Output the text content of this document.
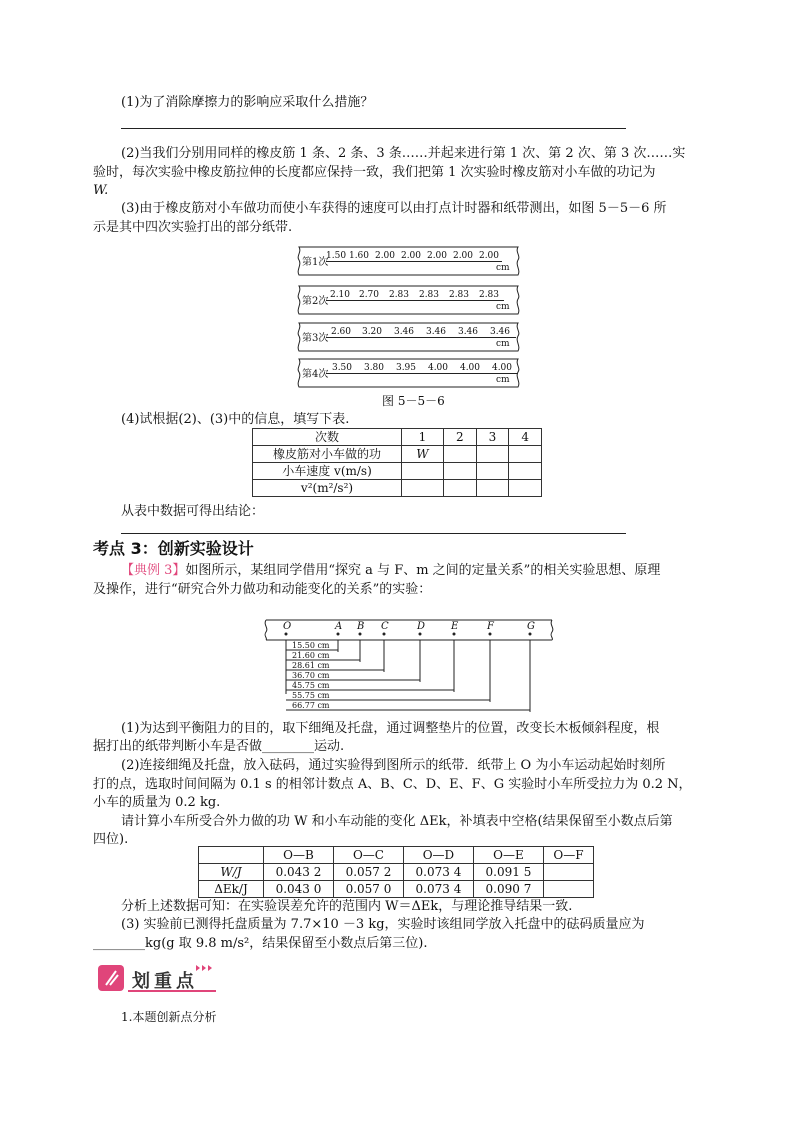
(1)为了消除摩擦力的影响应采取什么措施？
(2)当我们分别用同样的橡皮筋 1 条、2 条、3 条……并起来进行第 1 次、第 2 次、第 3 次……实
验时，每次实验中橡皮筋拉伸的长度都应保持一致，我们把第 1 次实验时橡皮筋对小车做的功记为
W.
(3)由于橡皮筋对小车做功而使小车获得的速度可以由打点计时器和纸带测出，如图 5－5－6 所
示是其中四次实验打出的部分纸带.
第1次
1.50 1.60 2.00 2.00 2.00 2.00 2.00
cm
第2次
2.10 2.70	2.83	2.83	2.83	2.83
cm
第3次
2.60	3.20	3.46	3.46	3.46	3.46
cm
第4次
3.50	3.80	3.95	4.00	4.00	4.00
cm
图 5－5－6
(4)试根据(2)、(3)中的信息，填写下表.
次数	1	2	3	4
橡皮筋对小车做的功	W			
小车速度 v(m/s)				
v²(m²/s²)				
从表中数据可得出结论：
考点 3：创新实验设计
【典例 3】如图所示，某组同学借用“探究 a 与 F、m 之间的定量关系”的相关实验思想、原理
及操作，进行“研究合外力做功和动能变化的关系”的实验：
O	A B C	D	E	F	G
15.50 cm
21.60 cm
28.61 cm
36.70 cm
45.75 cm
55.75 cm
66.77 cm
(1)为达到平衡阻力的目的，取下细绳及托盘，通过调整垫片的位置，改变长木板倾斜程度，根
据打出的纸带判断小车是否做________运动.
(2)连接细绳及托盘，放入砝码，通过实验得到图所示的纸带．纸带上 O 为小车运动起始时刻所
打的点，选取时间间隔为 0.1 s 的相邻计数点 A、B、C、D、E、F、G 实验时小车所受拉力为 0.2 N，
小车的质量为 0.2 kg.
请计算小车所受合外力做的功 W 和小车动能的变化 ΔEk，补填表中空格(结果保留至小数点后第
四位).
	O—B	O—C	O—D	O—E	O—F
W/J	0.043 2	0.057 2	0.073 4	0.091 5	
ΔEk/J	0.043 0	0.057 0	0.073 4	0.090 7	
分析上述数据可知：在实验误差允许的范围内 W＝ΔEk，与理论推导结果一致.
(3) 实验前已测得托盘质量为 7.7×10 －3 kg，实验时该组同学放入托盘中的砝码质量应为
________kg(g 取 9.8 m/s²，结果保留至小数点后第三位).
划重点
1.本题创新点分析
